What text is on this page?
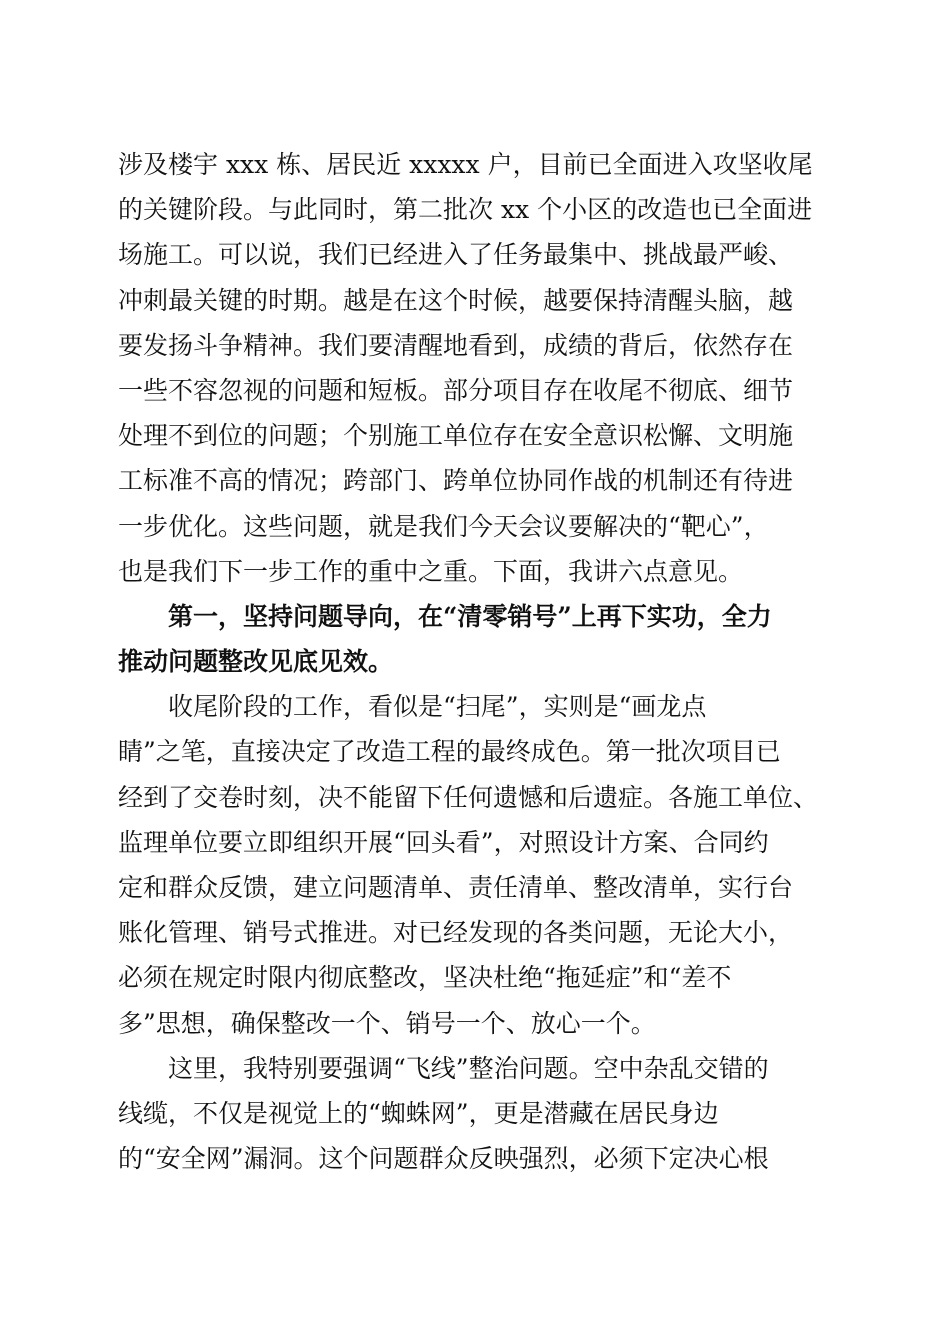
涉及楼宇 xxx 栋、居民近 xxxxx 户，目前已全面进入攻坚收尾
的关键阶段。与此同时，第二批次 xx 个小区的改造也已全面进
场施工。可以说，我们已经进入了任务最集中、挑战最严峻、
冲刺最关键的时期。越是在这个时候，越要保持清醒头脑，越
要发扬斗争精神。我们要清醒地看到，成绩的背后，依然存在
一些不容忽视的问题和短板。部分项目存在收尾不彻底、细节
处理不到位的问题；个别施工单位存在安全意识松懈、文明施
工标准不高的情况；跨部门、跨单位协同作战的机制还有待进
一步优化。这些问题，就是我们今天会议要解决的“靶心”，
也是我们下一步工作的重中之重。下面，我讲六点意见。
第一，坚持问题导向，在“清零销号”上再下实功，全力
推动问题整改见底见效。
收尾阶段的工作，看似是“扫尾”，实则是“画龙点
睛”之笔，直接决定了改造工程的最终成色。第一批次项目已
经到了交卷时刻，决不能留下任何遗憾和后遗症。各施工单位、
监理单位要立即组织开展“回头看”，对照设计方案、合同约
定和群众反馈，建立问题清单、责任清单、整改清单，实行台
账化管理、销号式推进。对已经发现的各类问题，无论大小，
必须在规定时限内彻底整改，坚决杜绝“拖延症”和“差不
多”思想，确保整改一个、销号一个、放心一个。
这里，我特别要强调“飞线”整治问题。空中杂乱交错的
线缆，不仅是视觉上的“蜘蛛网”，更是潜藏在居民身边
的“安全网”漏洞。这个问题群众反映强烈，必须下定决心根
